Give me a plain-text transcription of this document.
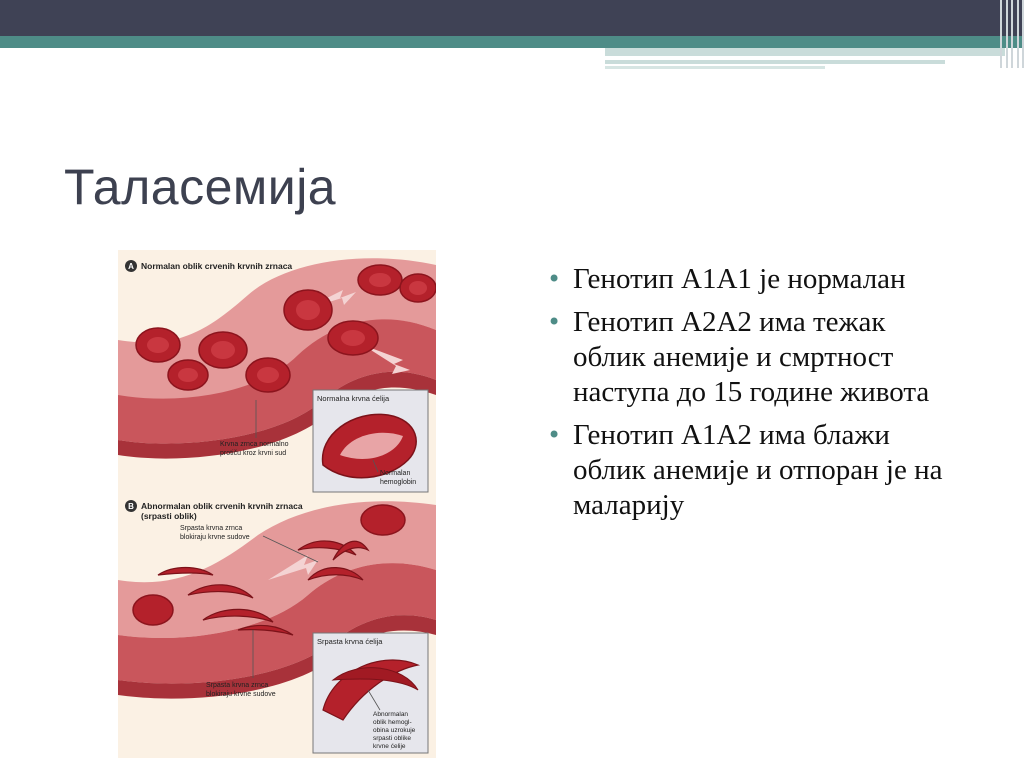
Таласемија
A Normalan oblik crvenih krvnih zrnaca
Krvna zrnca normalno
protiču kroz krvni sud
Normalna krvna ćelija
Normalan
hemoglobin
B Abnormalan oblik crvenih krvnih zrnaca
(srpasti oblik)
Srpasta krvna zrnca
blokiraju krvne sudove
Srpasta krvna zrnca
blokiraju krvne sudove
Srpasta krvna ćelija
Abnormalan
oblik hemogl-
obina uzrokuje
srpasti oblike
krvne ćelije
• Генотип А1А1 је нормалан
• Генотип А2А2 има тежак облик анемије и смртност наступа до 15 године живота
• Генотип А1А2 има блажи облик анемије и отпоран је на маларију
